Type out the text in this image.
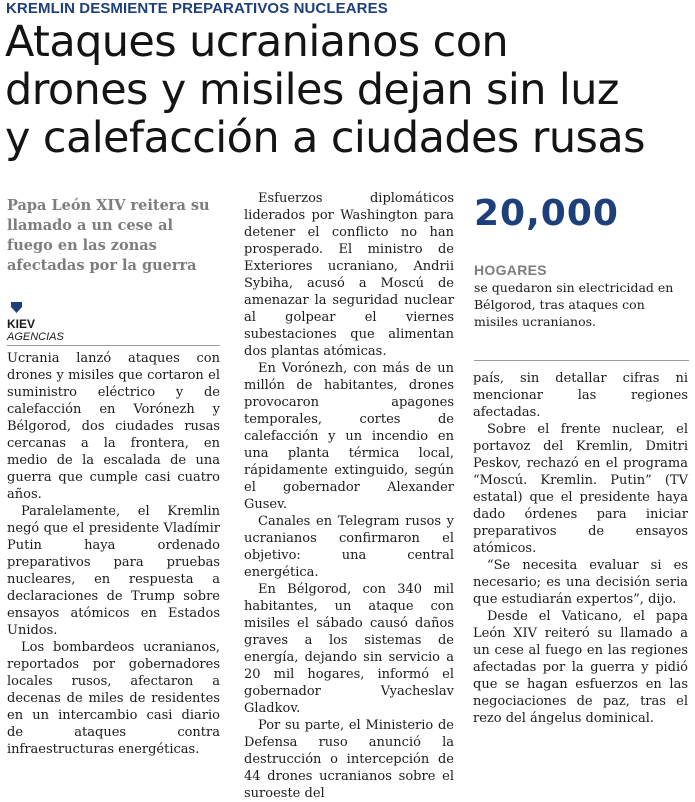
KREMLIN DESMIENTE PREPARATIVOS NUCLEARES
Ataques ucranianos con
drones y misiles dejan sin luz
y calefacción a ciudades rusas
Papa León XIV reitera su llamado a un cese al fuego en las zonas afectadas por la guerra
KIEV
AGENCIAS

Ucrania lanzó ataques con drones y misiles que cortaron el suministro eléctrico y de calefacción en Vorónezh y Bélgorod, dos ciudades rusas cercanas a la frontera, en medio de la escalada de una guerra que cumple casi cuatro años.

Paralelamente, el Kremlin negó que el presidente Vladímir Putin haya ordenado preparativos para pruebas nucleares, en respuesta a declaraciones de Trump sobre ensayos atómicos en Estados Unidos.

Los bombardeos ucranianos, reportados por gobernadores locales rusos, afectaron a decenas de miles de residentes en un intercambio casi diario de ataques contra infraestructuras energéticas.

Esfuerzos diplomáticos liderados por Washington para detener el conflicto no han prosperado. El ministro de Exteriores ucraniano, Andrii Sybiha, acusó a Moscú de amenazar la seguridad nuclear al golpear el viernes subestaciones que alimentan dos plantas atómicas.

En Vorónezh, con más de un millón de habitantes, drones provocaron apagones temporales, cortes de calefacción y un incendio en una planta térmica local, rápidamente extinguido, según el gobernador Alexander Gusev.

Canales en Telegram rusos y ucranianos confirmaron el objetivo: una central energética.

En Bélgorod, con 340 mil habitantes, un ataque con misiles el sábado causó daños graves a los sistemas de energía, dejando sin servicio a 20 mil hogares, informó el gobernador Vyacheslav Gladkov.

Por su parte, el Ministerio de Defensa ruso anunció la destrucción o intercepción de 44 drones ucranianos sobre el suroeste del

20,000
HOGARES
se quedaron sin electricidad en Bélgorod, tras ataques con misiles ucranianos.

país, sin detallar cifras ni mencionar las regiones afectadas.

Sobre el frente nuclear, el portavoz del Kremlin, Dmitri Peskov, rechazó en el programa “Moscú. Kremlin. Putin” (TV estatal) que el presidente haya dado órdenes para iniciar preparativos de ensayos atómicos.

“Se necesita evaluar si es necesario; es una decisión seria que estudiarán expertos”, dijo.

Desde el Vaticano, el papa León XIV reiteró su llamado a un cese al fuego en las regiones afectadas por la guerra y pidió que se hagan esfuerzos en las negociaciones de paz, tras el rezo del ángelus dominical.
